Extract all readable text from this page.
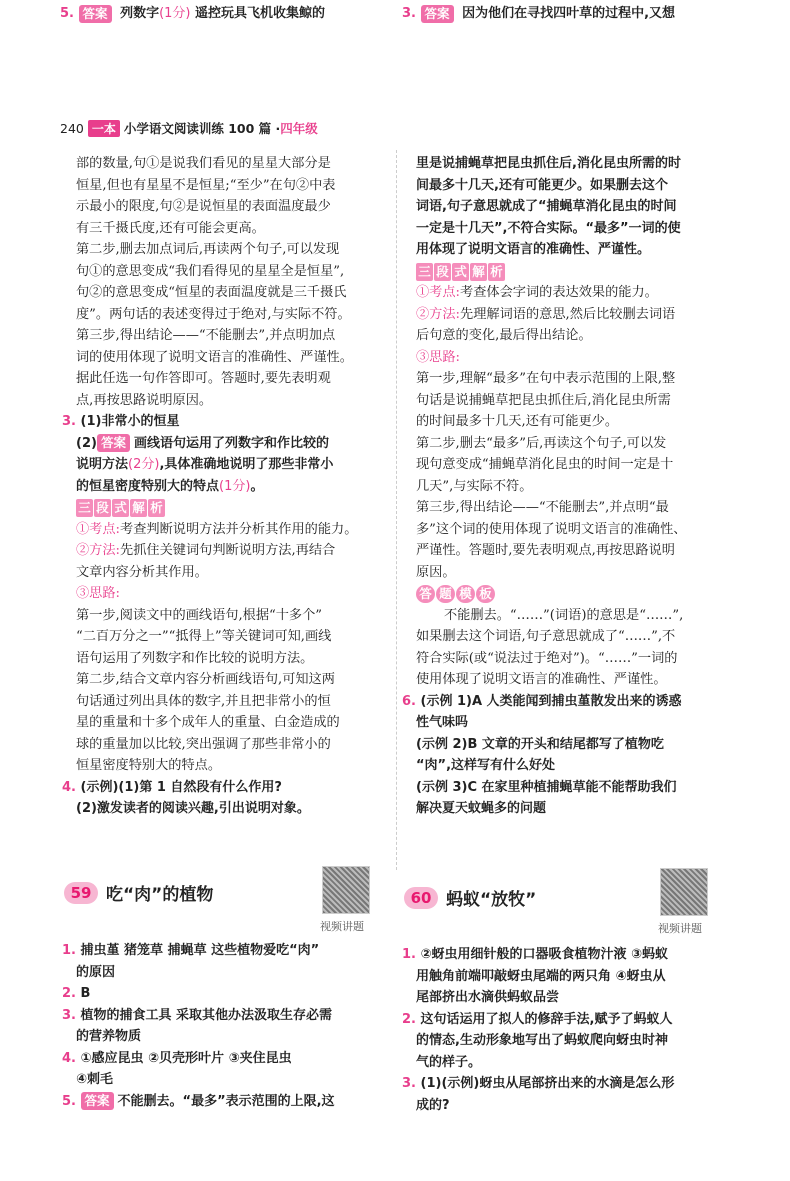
5. 答案 列数字(1分) 遥控玩具飞机收集鲸的	3. 答案 因为他们在寻找四叶草的过程中,又想
240 一本 小学语文阅读训练 100 篇 · 四年级
部的数量,句①是说我们看见的星星大部分是
恒星,但也有星星不是恒星;“至少”在句②中表
示最小的限度,句②是说恒星的表面温度最少
有三千摄氏度,还有可能会更高。
第二步,删去加点词后,再读两个句子,可以发现
句①的意思变成“我们看得见的星星全是恒星”,
句②的意思变成“恒星的表面温度就是三千摄氏
度”。两句话的表述变得过于绝对,与实际不符。
第三步,得出结论——“不能删去”,并点明加点
词的使用体现了说明文语言的准确性、严谨性。
据此任选一句作答即可。答题时,要先表明观
点,再按思路说明原因。
3. (1)非常小的恒星
(2) 答案 画线语句运用了列数字和作比较的
说明方法(2分),具体准确地说明了那些非常小
的恒星密度特别大的特点(1分)。
三 段 式 解 析
①考点:考查判断说明方法并分析其作用的能力。
②方法:先抓住关键词句判断说明方法,再结合
文章内容分析其作用。
③思路:
第一步,阅读文中的画线语句,根据“十多个”
“二百万分之一”“抵得上”等关键词可知,画线
语句运用了列数字和作比较的说明方法。
第二步,结合文章内容分析画线语句,可知这两
句话通过列出具体的数字,并且把非常小的恒
星的重量和十多个成年人的重量、白金造成的
球的重量加以比较,突出强调了那些非常小的
恒星密度特别大的特点。
4. (示例)(1)第 1 自然段有什么作用?
(2)激发读者的阅读兴趣,引出说明对象。
里是说捕蝇草把昆虫抓住后,消化昆虫所需的时
间最多十几天,还有可能更少。如果删去这个
词语,句子意思就成了“捕蝇草消化昆虫的时间
一定是十几天”,不符合实际。“最多”一词的使
用体现了说明文语言的准确性、严谨性。
三 段 式 解 析
①考点:考查体会字词的表达效果的能力。
②方法:先理解词语的意思,然后比较删去词语
后句意的变化,最后得出结论。
③思路:
第一步,理解“最多”在句中表示范围的上限,整
句话是说捕蝇草把昆虫抓住后,消化昆虫所需
的时间最多十几天,还有可能更少。
第二步,删去“最多”后,再读这个句子,可以发
现句意变成“捕蝇草消化昆虫的时间一定是十
几天”,与实际不符。
第三步,得出结论——“不能删去”,并点明“最
多”这个词的使用体现了说明文语言的准确性、
严谨性。答题时,要先表明观点,再按思路说明
原因。
答 题 模 板
不能删去。“……”(词语)的意思是“……”,
如果删去这个词语,句子意思就成了“……”,不
符合实际(或“说法过于绝对”)。“……”一词的
使用体现了说明文语言的准确性、严谨性。
6. (示例 1)A 人类能闻到捕虫堇散发出来的诱惑
性气味吗
(示例 2)B 文章的开头和结尾都写了植物吃
“肉”,这样写有什么好处
(示例 3)C 在家里种植捕蝇草能不能帮助我们
解决夏天蚊蝇多的问题
59 吃“肉”的植物
视频讲题
1. 捕虫堇 猪笼草 捕蝇草 这些植物爱吃“肉”
的原因
2. B
3. 植物的捕食工具 采取其他办法汲取生存必需
的营养物质
4. ①感应昆虫 ②贝壳形叶片 ③夹住昆虫
④刺毛
5. 答案 不能删去。“最多”表示范围的上限,这
60 蚂蚁“放牧”
视频讲题
1. ②蚜虫用细针般的口器吸食植物汁液 ③蚂蚁
用触角前端叩敲蚜虫尾端的两只角 ④蚜虫从
尾部挤出水滴供蚂蚁品尝
2. 这句话运用了拟人的修辞手法,赋予了蚂蚁人
的情态,生动形象地写出了蚂蚁爬向蚜虫时神
气的样子。
3. (1)(示例)蚜虫从尾部挤出来的水滴是怎么形
成的?
